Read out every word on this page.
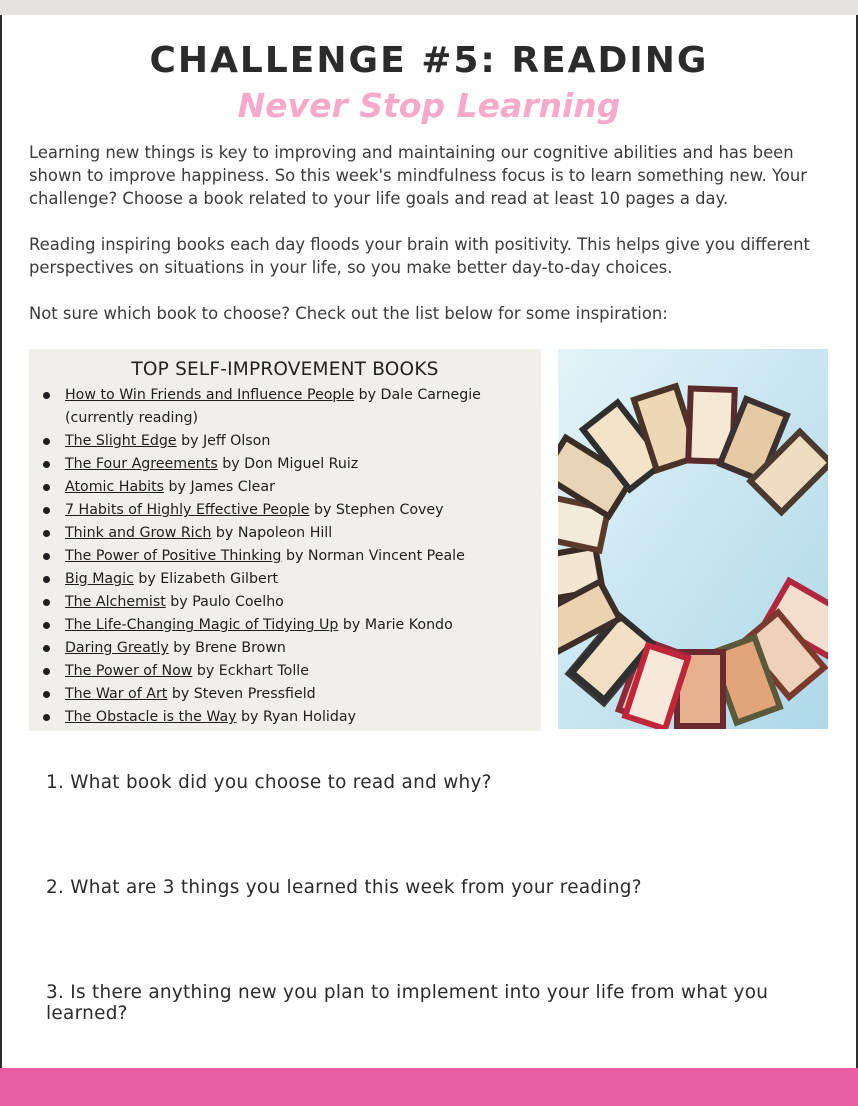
CHALLENGE #5: READING
Never Stop Learning

Learning new things is key to improving and maintaining our cognitive abilities and has been shown to improve happiness. So this week's mindfulness focus is to learn something new. Your challenge? Choose a book related to your life goals and read at least 10 pages a day.

Reading inspiring books each day floods your brain with positivity. This helps give you different perspectives on situations in your life, so you make better day-to-day choices.

Not sure which book to choose? Check out the list below for some inspiration:

TOP SELF-IMPROVEMENT BOOKS
How to Win Friends and Influence People by Dale Carnegie
(currently reading)
The Slight Edge by Jeff Olson
The Four Agreements by Don Miguel Ruiz
Atomic Habits by James Clear
7 Habits of Highly Effective People by Stephen Covey
Think and Grow Rich by Napoleon Hill
The Power of Positive Thinking by Norman Vincent Peale
Big Magic by Elizabeth Gilbert
The Alchemist by Paulo Coelho
The Life-Changing Magic of Tidying Up by Marie Kondo
Daring Greatly by Brene Brown
The Power of Now by Eckhart Tolle
The War of Art by Steven Pressfield
The Obstacle is the Way by Ryan Holiday

1. What book did you choose to read and why?

2. What are 3 things you learned this week from your reading?

3. Is there anything new you plan to implement into your life from what you learned?
